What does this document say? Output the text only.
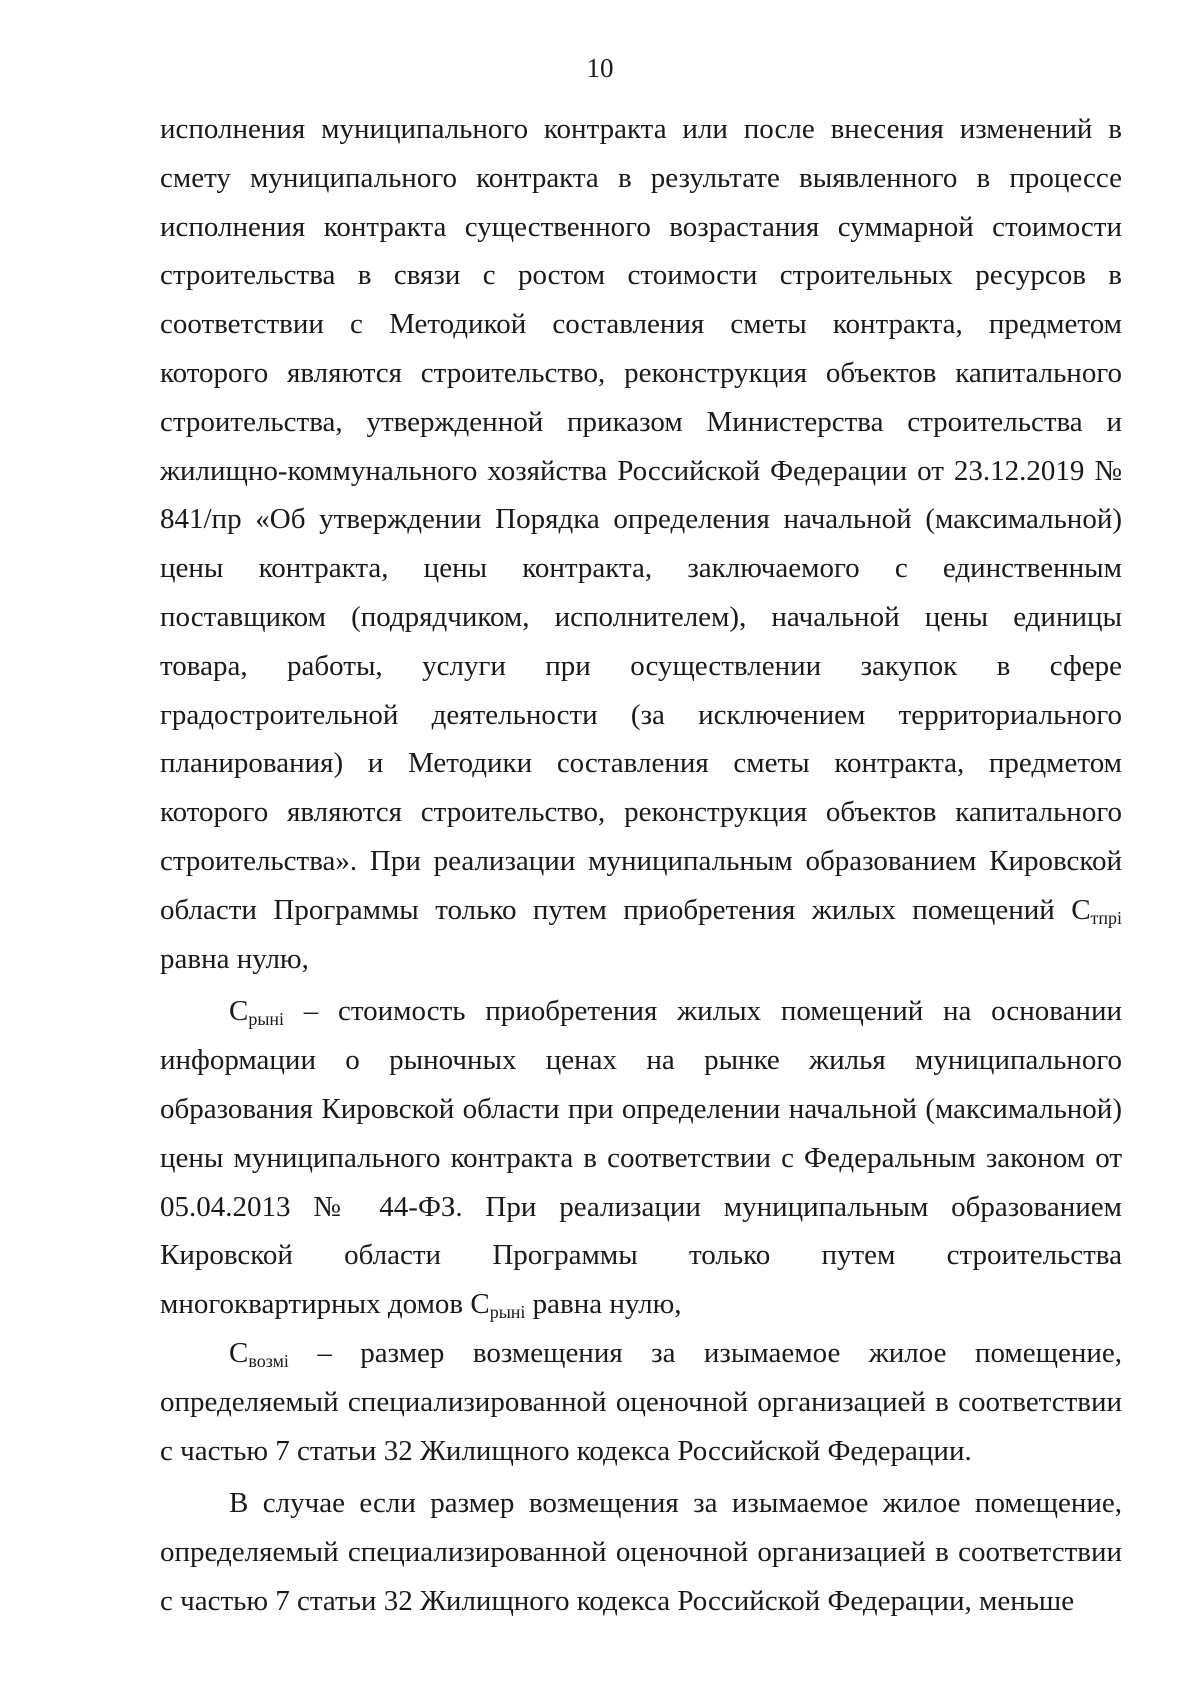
10

исполнения муниципального контракта или после внесения изменений в смету муниципального контракта в результате выявленного в процессе исполнения контракта существенного возрастания суммарной стоимости строительства в связи с ростом стоимости строительных ресурсов в соответствии с Методикой составления сметы контракта, предметом которого являются строительство, реконструкция объектов капитального строительства, утвержденной приказом Министерства строительства и жилищно-коммунального хозяйства Российской Федерации от 23.12.2019 № 841/пр «Об утверждении Порядка определения начальной (максимальной) цены контракта, цены контракта, заключаемого с единственным поставщиком (подрядчиком, исполнителем), начальной цены единицы товара, работы, услуги при осуществлении закупок в сфере градостроительной деятельности (за исключением территориального планирования) и Методики составления сметы контракта, предметом которого являются строительство, реконструкция объектов капитального строительства». При реализации муниципальным образованием Кировской области Программы только путем приобретения жилых помещений $С_{тпрi}$ равна нулю,

$С_{рынi}$ – стоимость приобретения жилых помещений на основании информации о рыночных ценах на рынке жилья муниципального образования Кировской области при определении начальной (максимальной) цены муниципального контракта в соответствии с Федеральным законом от 05.04.2013 № 44-ФЗ. При реализации муниципальным образованием Кировской области Программы только путем строительства многоквартирных домов $С_{рынi}$ равна нулю,

$С_{возмi}$ – размер возмещения за изымаемое жилое помещение, определяемый специализированной оценочной организацией в соответствии с частью 7 статьи 32 Жилищного кодекса Российской Федерации.

В случае если размер возмещения за изымаемое жилое помещение, определяемый специализированной оценочной организацией в соответствии с частью 7 статьи 32 Жилищного кодекса Российской Федерации, меньше
